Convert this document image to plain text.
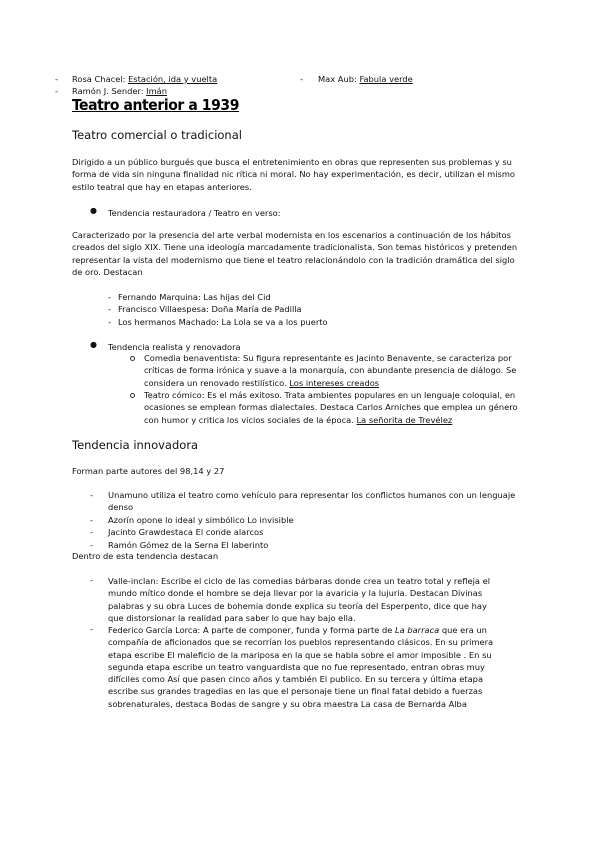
- Rosa Chacel: Estación, ida y vuelta	- Max Aub: Fabula verde
- Ramón J. Sender: Imán
Teatro anterior a 1939
Teatro comercial o tradicional
Dirigido a un público burgués que busca el entretenimiento en obras que representen sus problemas y su forma de vida sin ninguna finalidad nic rítica ni moral. No hay experimentación, es decir, utilizan el mismo estilo teatral que hay en etapas anteriores.
● Tendencia restauradora / Teatro en verso:
Caracterizado por la presencia del arte verbal modernista en los escenarios a continuación de los hábitos creados del siglo XIX. Tiene una ideología marcadamente tradicionalista. Son temas históricos y pretenden representar la vista del modernismo que tiene el teatro relacionándolo con la tradición dramática del siglo de oro. Destacan
- Fernando Marquina: Las hijas del Cid
- Francisco Villaespesa: Doña María de Padilla
- Los hermanos Machado: La Lola se va a los puerto
● Tendencia realista y renovadora
Comedia benaventista: Su figura representante es Jacinto Benavente, se caracteriza por críticas de forma irónica y suave a la monarquía, con abundante presencia de diálogo. Se considera un renovado restilístico. Los intereses creados
Teatro cómico: Es el más exitoso. Trata ambientes populares en un lenguaje coloquial, en ocasiones se emplean formas dialectales. Destaca Carlos Arniches que emplea un género con humor y critica los vicios sociales de la época. La señorita de Trevélez
Tendencia innovadora
Forman parte autores del 98,14 y 27
- Unamuno utiliza el teatro como vehículo para representar los conflictos humanos con un lenguaje denso
- Azorín opone lo ideal y simbólico Lo invisible
- Jacinto Grawdestaca El conde alarcos
- Ramón Gómez de la Serna El laberinto
Dentro de esta tendencia destacan
- Valle-inclan: Escribe el ciclo de las comedias bárbaras donde crea un teatro total y refleja el mundo mítico donde el hombre se deja llevar por la avaricia y la lujuria. Destacan Divinas palabras y su obra Luces de bohemia donde explica su teoría del Esperpento, dice que hay que distorsionar la realidad para saber lo que hay bajo ella.
- Federico García Lorca: A parte de componer, funda y forma parte de La barraca que era un compañía de aficionados que se recorrían los pueblos representando clásicos. En su primera etapa escribe El maleficio de la mariposa en la que se habla sobre el amor imposible . En su segunda etapa escribe un teatro vanguardista que no fue representado, entran obras muy difíciles como Así que pasen cinco años y también El publico. En su tercera y última etapa escribe sus grandes tragedias en las que el personaje tiene un final fatal debido a fuerzas sobrenaturales, destaca Bodas de sangre y su obra maestra La casa de Bernarda Alba
